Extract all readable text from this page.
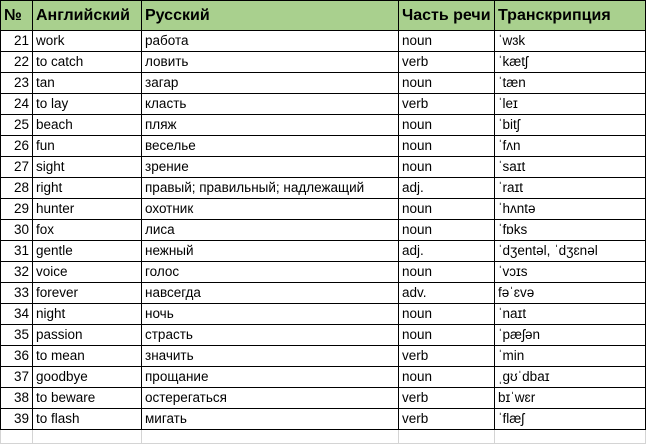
№	Английский	Русский	Часть речи	Транскрипция
21	work	работа	noun	ˈwɜk
22	to catch	ловить	verb	ˈkætʃ
23	tan	загар	noun	ˈtæn
24	to lay	класть	verb	ˈleɪ
25	beach	пляж	noun	ˈbitʃ
26	fun	веселье	noun	ˈfʌn
27	sight	зрение	noun	ˈsaɪt
28	right	правый; правильный; надлежащий	adj.	ˈraɪt
29	hunter	охотник	noun	ˈhʌntə
30	fox	лиса	noun	ˈfɒks
31	gentle	нежный	adj.	ˈdʒentəl, ˈdʒɛnəl
32	voice	голос	noun	ˈvɔɪs
33	forever	навсегда	adv.	fəˈɛvə
34	night	ночь	noun	ˈnaɪt
35	passion	страсть	noun	ˈpæʃən
36	to mean	значить	verb	ˈmin
37	goodbye	прощание	noun	ˌɡʊˈdbaɪ
38	to beware	остерегаться	verb	bɪˈwɛr
39	to flash	мигать	verb	ˈflæʃ
